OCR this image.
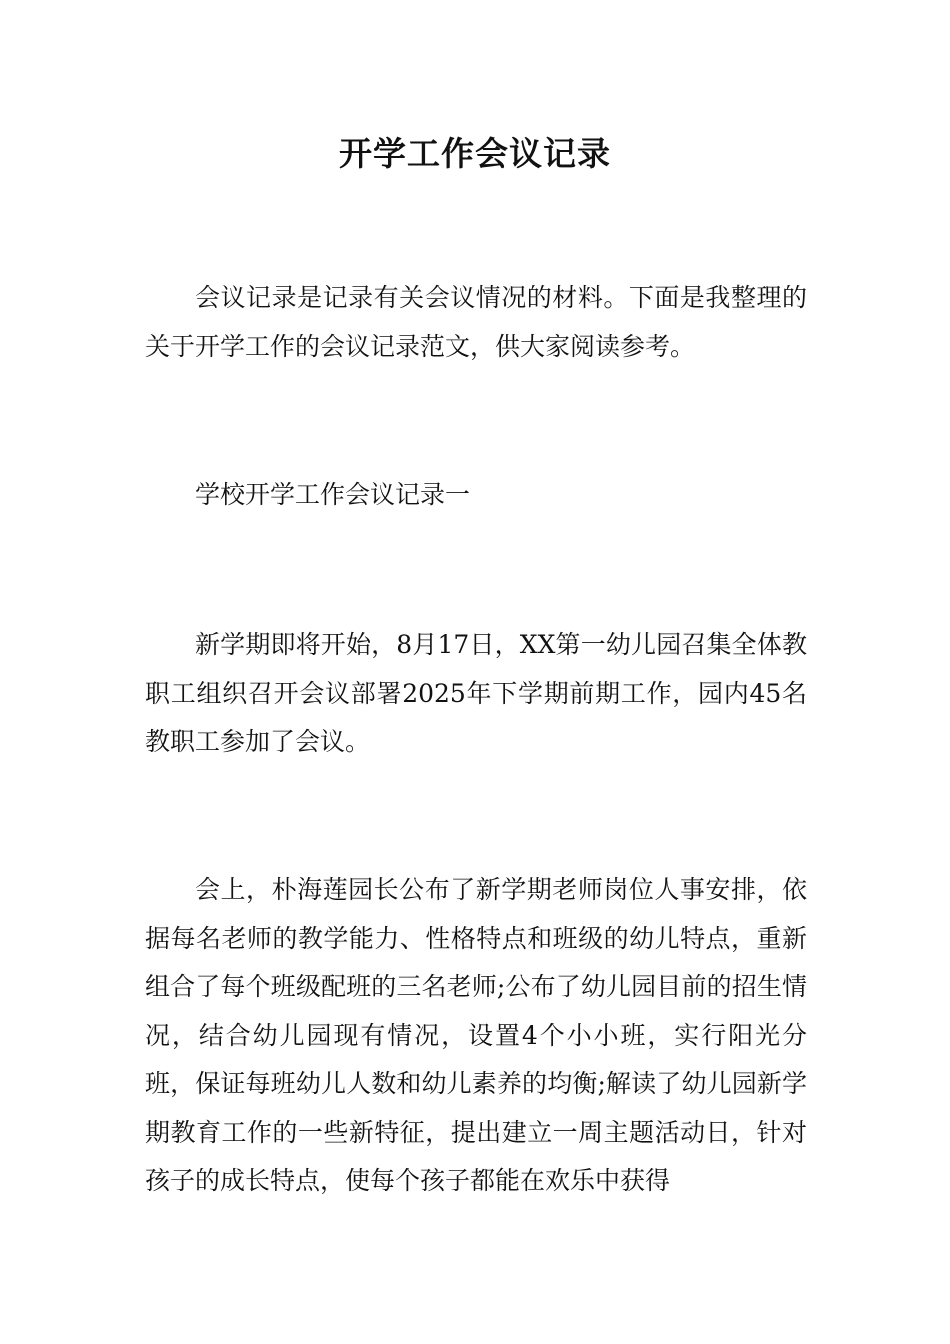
开学工作会议记录

会议记录是记录有关会议情况的材料。下面是我整理的关于开学工作的会议记录范文，供大家阅读参考。

学校开学工作会议记录一

新学期即将开始，8月17日，XX第一幼儿园召集全体教职工组织召开会议部署2025年下学期前期工作，园内45名教职工参加了会议。

会上，朴海莲园长公布了新学期老师岗位人事安排，依据每名老师的教学能力、性格特点和班级的幼儿特点，重新组合了每个班级配班的三名老师;公布了幼儿园目前的招生情况，结合幼儿园现有情况，设置4个小小班，实行阳光分班，保证每班幼儿人数和幼儿素养的均衡;解读了幼儿园新学期教育工作的一些新特征，提出建立一周主题活动日，针对孩子的成长特点，使每个孩子都能在欢乐中获得
